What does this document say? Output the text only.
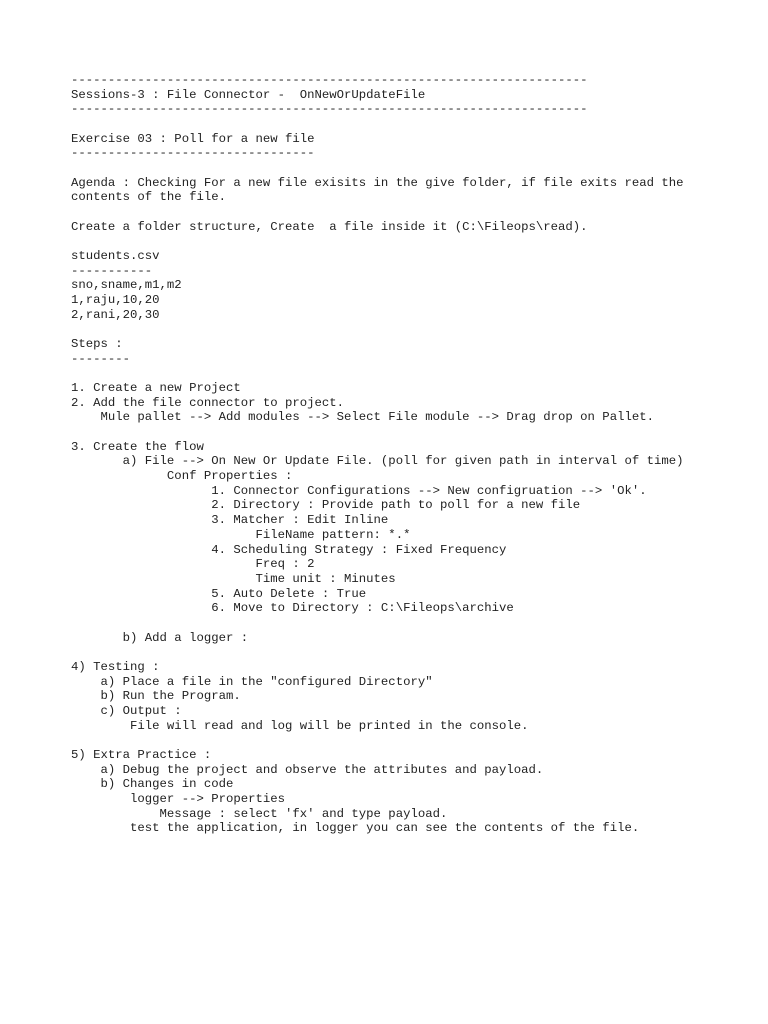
----------------------------------------------------------------------
Sessions-3 : File Connector -  OnNewOrUpdateFile
----------------------------------------------------------------------
Exercise 03 : Poll for a new file
---------------------------------
Agenda : Checking For a new file exisits in the give folder, if file exits read the
contents of the file.
Create a folder structure, Create  a file inside it (C:\Fileops\read).
students.csv
-----------
sno,sname,m1,m2
1,raju,10,20
2,rani,20,30
Steps :
--------
1. Create a new Project
2. Add the file connector to project.
Mule pallet --> Add modules --> Select File module --> Drag drop on Pallet.
3. Create the flow
a) File --> On New Or Update File. (poll for given path in interval of time)
Conf Properties :
1. Connector Configurations --> New configruation --> 'Ok'.
2. Directory : Provide path to poll for a new file
3. Matcher : Edit Inline
FileName pattern: *.*
4. Scheduling Strategy : Fixed Frequency
Freq : 2
Time unit : Minutes
5. Auto Delete : True
6. Move to Directory : C:\Fileops\archive
b) Add a logger :
4) Testing :
a) Place a file in the "configured Directory"
b) Run the Program.
c) Output :
File will read and log will be printed in the console.
5) Extra Practice :
a) Debug the project and observe the attributes and payload.
b) Changes in code
logger --> Properties
Message : select 'fx' and type payload.
test the application, in logger you can see the contents of the file.
